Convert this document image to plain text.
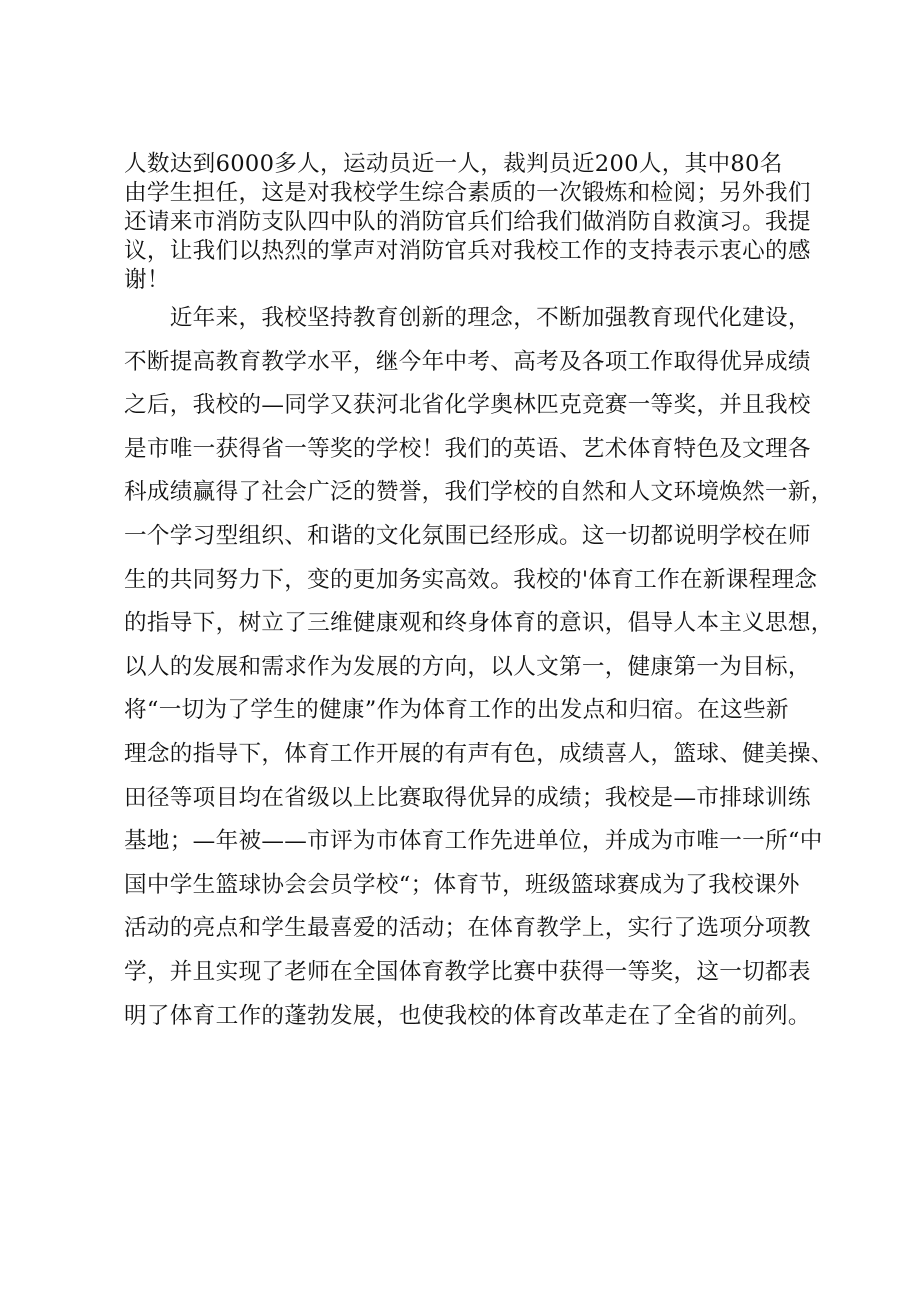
人数达到6000多人，运动员近一人，裁判员近200人，其中80名
由学生担任，这是对我校学生综合素质的一次锻炼和检阅；另外我们
还请来市消防支队四中队的消防官兵们给我们做消防自救演习。我提
议，让我们以热烈的掌声对消防官兵对我校工作的支持表示衷心的感
谢！
　　近年来，我校坚持教育创新的理念，不断加强教育现代化建设，
不断提高教育教学水平，继今年中考、高考及各项工作取得优异成绩
之后，我校的—同学又获河北省化学奥林匹克竞赛一等奖，并且我校
是市唯一获得省一等奖的学校！我们的英语、艺术体育特色及文理各
科成绩赢得了社会广泛的赞誉，我们学校的自然和人文环境焕然一新，
一个学习型组织、和谐的文化氛围已经形成。这一切都说明学校在师
生的共同努力下，变的更加务实高效。我校的'体育工作在新课程理念
的指导下，树立了三维健康观和终身体育的意识，倡导人本主义思想，
以人的发展和需求作为发展的方向，以人文第一，健康第一为目标，
将“一切为了学生的健康”作为体育工作的出发点和归宿。在这些新
理念的指导下，体育工作开展的有声有色，成绩喜人，篮球、健美操、
田径等项目均在省级以上比赛取得优异的成绩；我校是—市排球训练
基地；—年被——市评为市体育工作先进单位，并成为市唯一一所“中
国中学生篮球协会会员学校“；体育节，班级篮球赛成为了我校课外
活动的亮点和学生最喜爱的活动；在体育教学上，实行了选项分项教
学，并且实现了老师在全国体育教学比赛中获得一等奖，这一切都表
明了体育工作的蓬勃发展，也使我校的体育改革走在了全省的前列。
